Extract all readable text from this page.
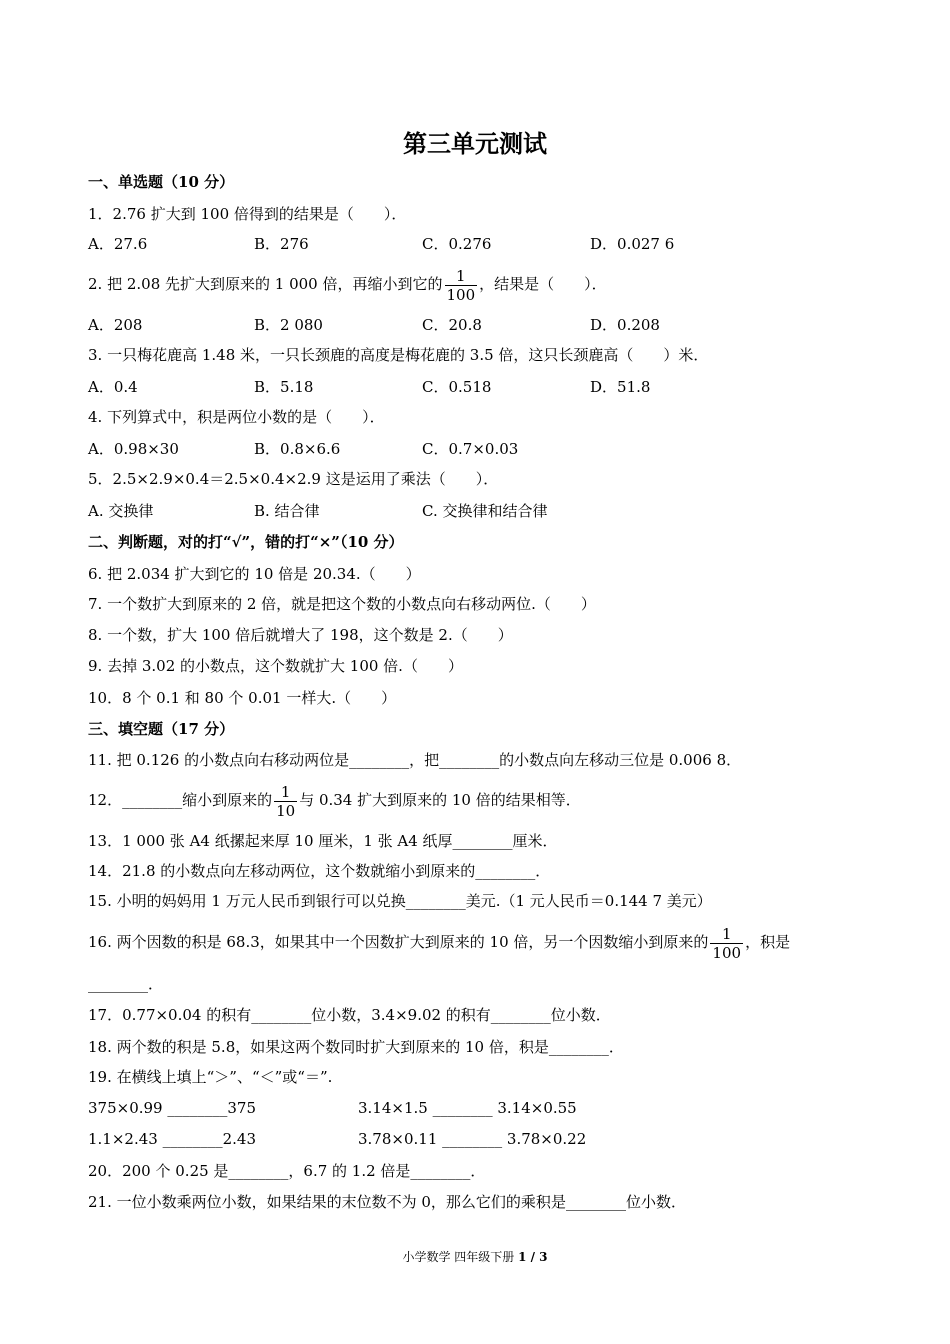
第三单元测试
一、单选题（10 分）
1．2.76 扩大到 100 倍得到的结果是（　　）．
A．27.6	B．276	C．0.276	D．0.027 6
2. 把 2.08 先扩大到原来的 1 000 倍，再缩小到它的 $\frac{1}{100}$ ，结果是（　　）．
A．208	B．2 080	C．20.8	D．0.208
3. 一只梅花鹿高 1.48 米，一只长颈鹿的高度是梅花鹿的 3.5 倍，这只长颈鹿高（　　）米．
A．0.4	B．5.18	C．0.518	D．51.8
4. 下列算式中，积是两位小数的是（　　）．
A．0.98×30	B．0.8×6.6	C．0.7×0.03
5．2.5×2.9×0.4＝2.5×0.4×2.9 这是运用了乘法（　　）．
A. 交换律	B. 结合律	C. 交换律和结合律
二、判断题，对的打“√”，错的打“×”（10 分）
6. 把 2.034 扩大到它的 10 倍是 20.34.（　　）
7. 一个数扩大到原来的 2 倍，就是把这个数的小数点向右移动两位.（　　）
8. 一个数，扩大 100 倍后就增大了 198，这个数是 2.（　　）
9. 去掉 3.02 的小数点，这个数就扩大 100 倍.（　　）
10．8 个 0.1 和 80 个 0.01 一样大.（　　）
三、填空题（17 分）
11. 把 0.126 的小数点向右移动两位是________，把________的小数点向左移动三位是 0.006 8．
12．________缩小到原来的 $\frac{1}{10}$ 与 0.34 扩大到原来的 10 倍的结果相等．
13．1 000 张 A4 纸摞起来厚 10 厘米，1 张 A4 纸厚________厘米．
14．21.8 的小数点向左移动两位，这个数就缩小到原来的________．
15. 小明的妈妈用 1 万元人民币到银行可以兑换________美元.（1 元人民币＝0.144 7 美元）
16. 两个因数的积是 68.3，如果其中一个因数扩大到原来的 10 倍，另一个因数缩小到原来的 $\frac{1}{100}$ ，积是
________．
17．0.77×0.04 的积有________位小数，3.4×9.02 的积有________位小数．
18. 两个数的积是 5.8，如果这两个数同时扩大到原来的 10 倍，积是________．
19. 在横线上填上“＞”、“＜”或“＝”.
375×0.99 ________375	3.14×1.5 ________ 3.14×0.55
1.1×2.43 ________2.43	3.78×0.11 ________ 3.78×0.22
20．200 个 0.25 是________，6.7 的 1.2 倍是________．
21. 一位小数乘两位小数，如果结果的末位数不为 0，那么它们的乘积是________位小数．
小学数学 四年级下册 1 / 3
